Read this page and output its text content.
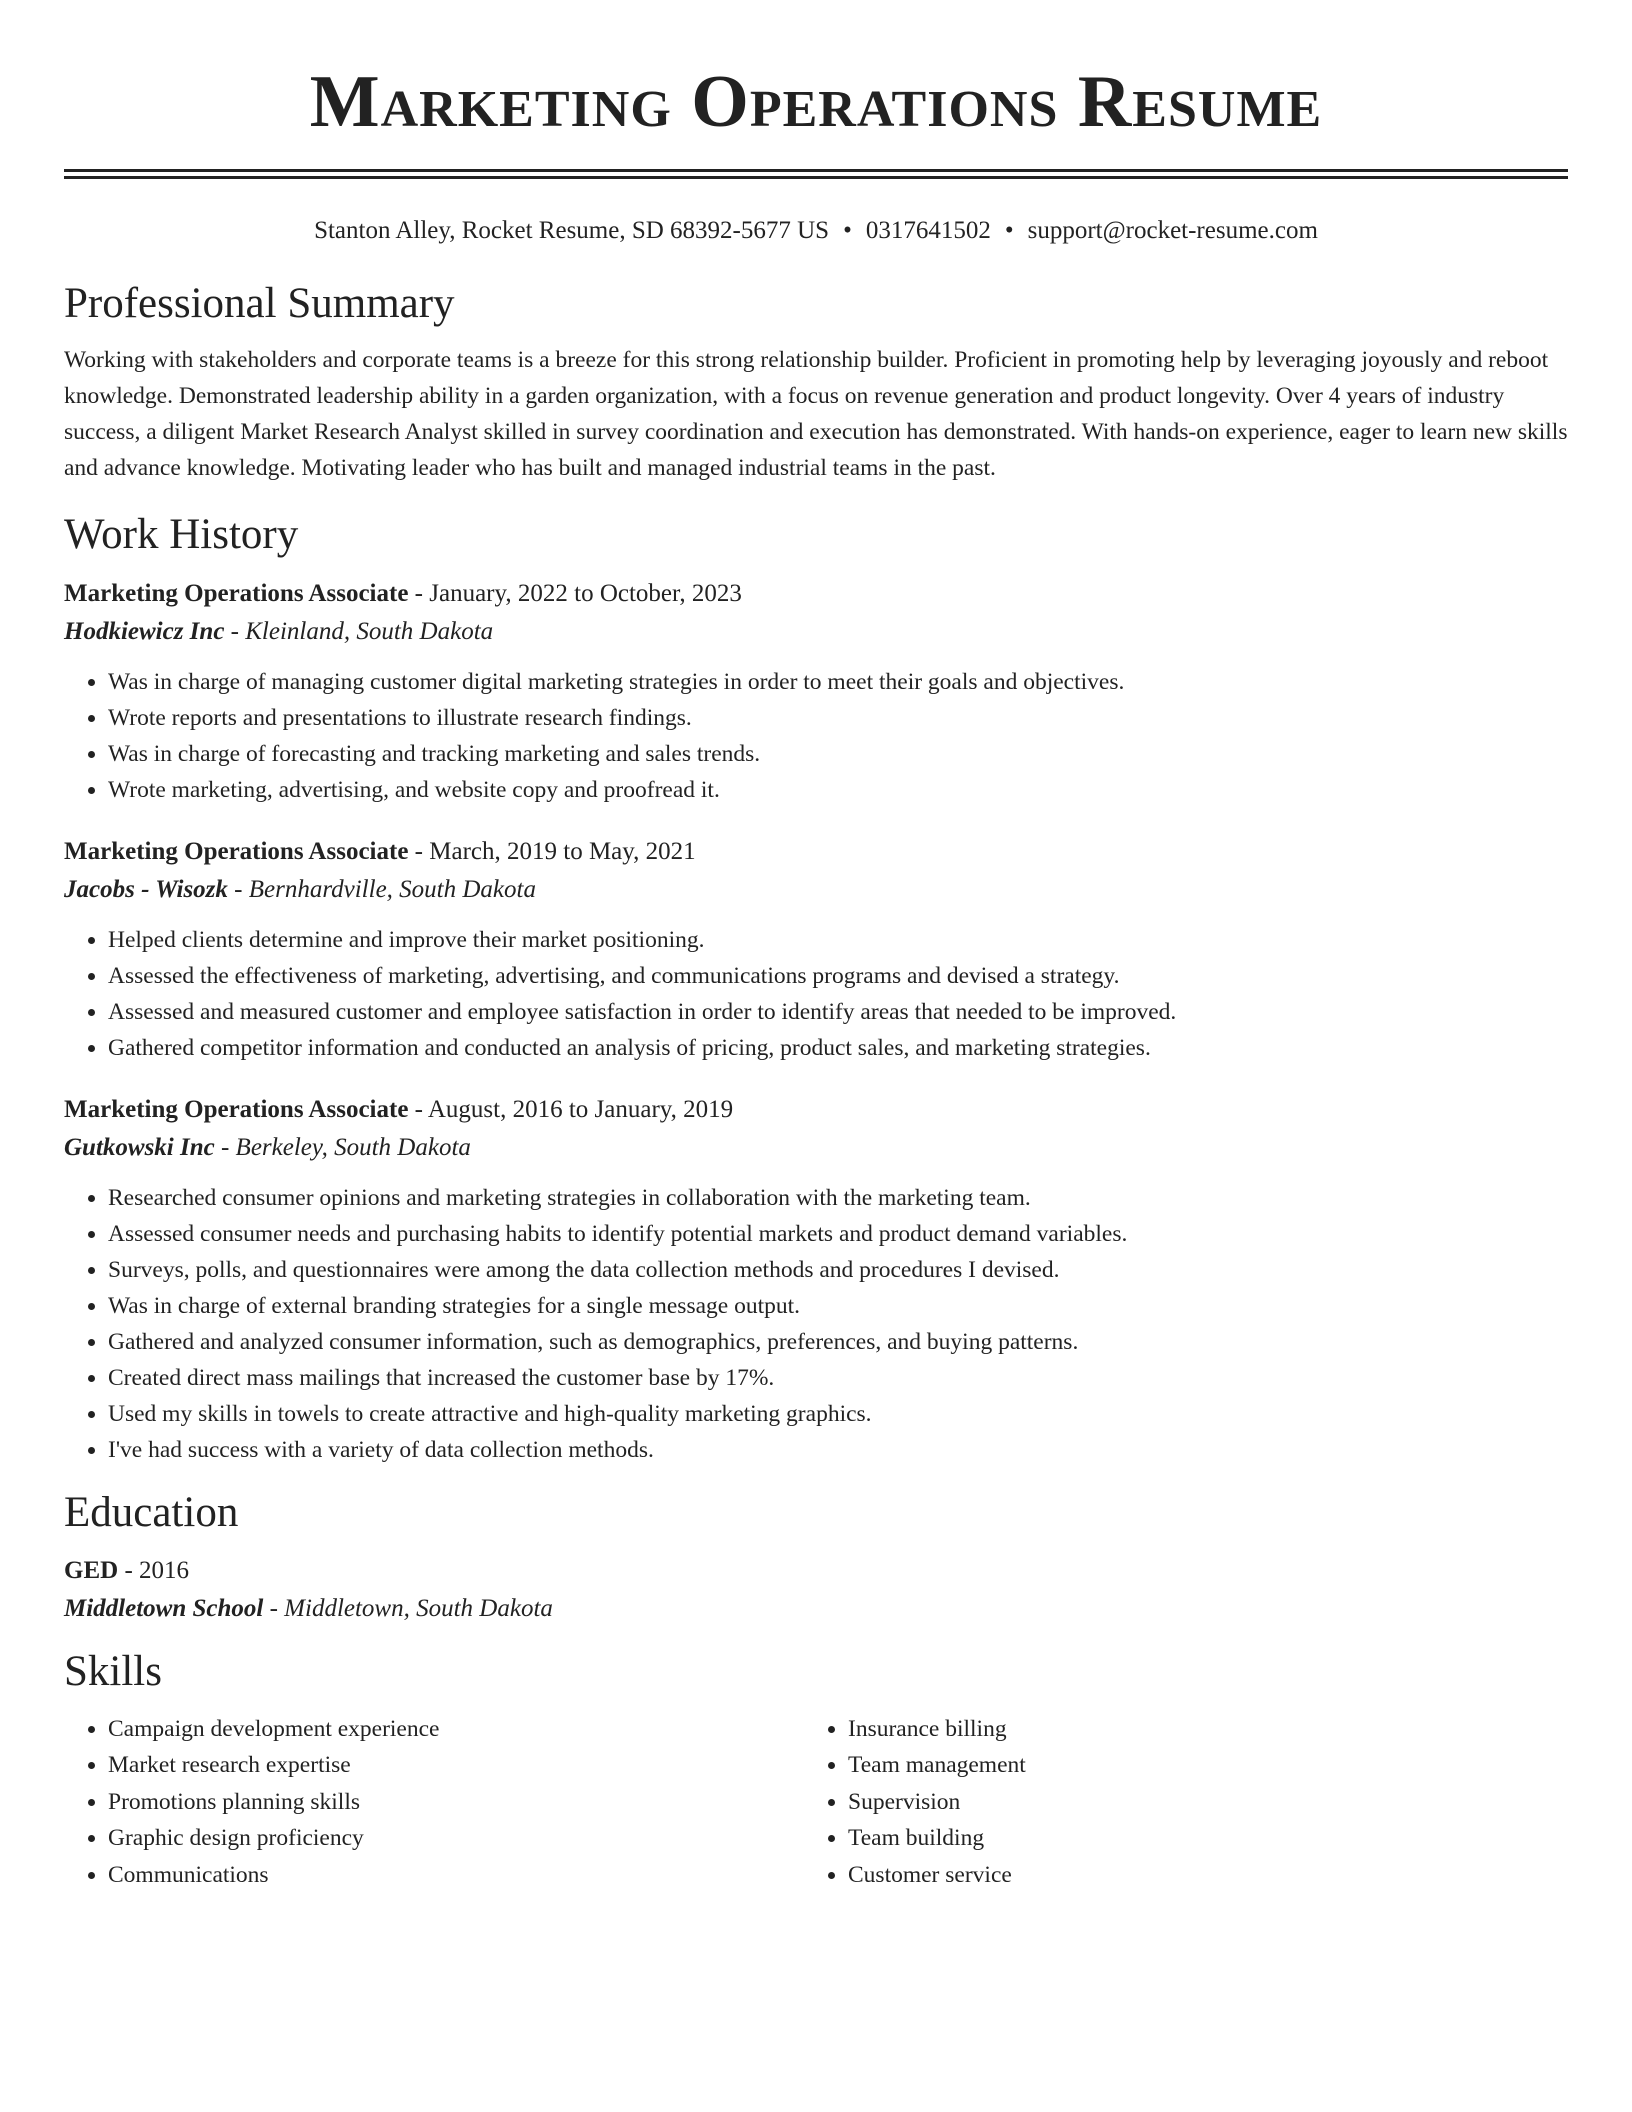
Marketing Operations Resume
Stanton Alley, Rocket Resume, SD 68392-5677 US • 0317641502 • support@rocket-resume.com
Professional Summary

Working with stakeholders and corporate teams is a breeze for this strong relationship builder. Proficient in promoting help by leveraging joyously and reboot knowledge. Demonstrated leadership ability in a garden organization, with a focus on revenue generation and product longevity. Over 4 years of industry success, a diligent Market Research Analyst skilled in survey coordination and execution has demonstrated. With hands-on experience, eager to learn new skills and advance knowledge. Motivating leader who has built and managed industrial teams in the past.

Work History
Marketing Operations Associate - January, 2022 to October, 2023
Hodkiewicz Inc - Kleinland, South Dakota
• Was in charge of managing customer digital marketing strategies in order to meet their goals and objectives.
• Wrote reports and presentations to illustrate research findings.
• Was in charge of forecasting and tracking marketing and sales trends.
• Wrote marketing, advertising, and website copy and proofread it.
Marketing Operations Associate - March, 2019 to May, 2021
Jacobs - Wisozk - Bernhardville, South Dakota
• Helped clients determine and improve their market positioning.
• Assessed the effectiveness of marketing, advertising, and communications programs and devised a strategy.
• Assessed and measured customer and employee satisfaction in order to identify areas that needed to be improved.
• Gathered competitor information and conducted an analysis of pricing, product sales, and marketing strategies.
Marketing Operations Associate - August, 2016 to January, 2019
Gutkowski Inc - Berkeley, South Dakota
• Researched consumer opinions and marketing strategies in collaboration with the marketing team.
• Assessed consumer needs and purchasing habits to identify potential markets and product demand variables.
• Surveys, polls, and questionnaires were among the data collection methods and procedures I devised.
• Was in charge of external branding strategies for a single message output.
• Gathered and analyzed consumer information, such as demographics, preferences, and buying patterns.
• Created direct mass mailings that increased the customer base by 17%.
• Used my skills in towels to create attractive and high-quality marketing graphics.
• I've had success with a variety of data collection methods.
Education
GED - 2016
Middletown School - Middletown, South Dakota
Skills
• Campaign development experience
• Market research expertise
• Promotions planning skills
• Graphic design proficiency
• Communications
• Insurance billing
• Team management
• Supervision
• Team building
• Customer service
